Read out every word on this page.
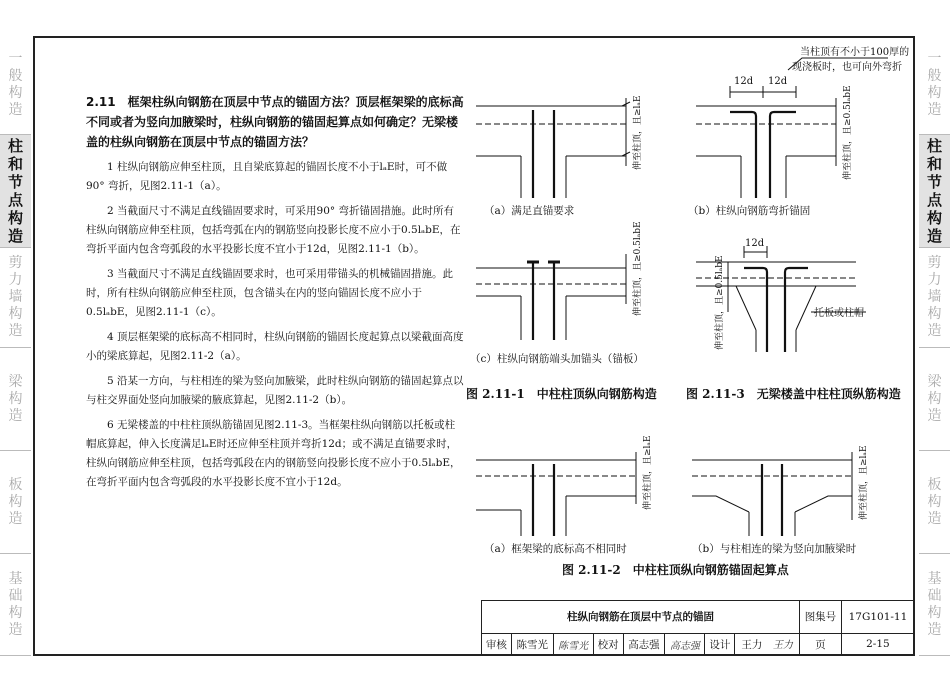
一
般
构
造
柱
和
节
点
构
造
剪
力
墙
构
造
梁
构
造
板
构
造
基
础
构
造
一
般
构
造
柱
和
节
点
构
造
剪
力
墙
构
造
梁
构
造
板
构
造
基
础
构
造

2.11　框架柱纵向钢筋在顶层中节点的锚固方法？顶层框架梁的底标高不同或者为竖向加腋梁时，柱纵向钢筋的锚固起算点如何确定？无梁楼盖的柱纵向钢筋在顶层中节点的锚固方法？

1 柱纵向钢筋应伸至柱顶，且自梁底算起的锚固长度不小于lₐE时，可不做90° 弯折，见图2.11-1（a）。

2 当截面尺寸不满足直线锚固要求时，可采用90° 弯折锚固措施。此时所有柱纵向钢筋应伸至柱顶，包括弯弧在内的钢筋竖向投影长度不应小于0.5lₐbE，在弯折平面内包含弯弧段的水平投影长度不宜小于12d，见图2.11-1（b）。

3 当截面尺寸不满足直线锚固要求时，也可采用带锚头的机械锚固措施。此时，所有柱纵向钢筋应伸至柱顶，包含锚头在内的竖向锚固长度不应小于0.5lₐbE，见图2.11-1（c）。

4 顶层框架梁的底标高不相同时，柱纵向钢筋的锚固长度起算点以梁截面高度小的梁底算起，见图2.11-2（a）。

5 沿某一方向，与柱相连的梁为竖向加腋梁，此时柱纵向钢筋的锚固起算点以与柱交界面处竖向加腋梁的腋底算起，见图2.11-2（b）。

6 无梁楼盖的中柱柱顶纵筋锚固见图2.11-3。当框架柱纵向钢筋以托板或柱帽底算起，伸入长度满足lₐE时还应伸至柱顶并弯折12d；或不满足直锚要求时，柱纵向钢筋应伸至柱顶，包括弯弧段在内的钢筋竖向投影长度不应小于0.5lₐbE，在弯折平面内包含弯弧段的水平投影长度不宜小于12d。

当柱顶有不小于100厚的
现浇板时，也可向外弯折
12d 12d
12d
托板或柱帽
伸至柱顶，且≥lₐE	伸至柱顶，且≥0.5lₐbE
伸至柱顶，且≥0.5lₐbE	伸至柱顶，且≥0.5lₐbE
伸至柱顶，且≥lₐE	伸至柱顶，且≥lₐE
（a）满足直锚要求	（b）柱纵向钢筋弯折锚固
（c）柱纵向钢筋端头加锚头（锚板）
图 2.11-1　中柱柱顶纵向钢筋构造 图 2.11-3　无梁楼盖中柱柱顶纵筋构造
（a）框架梁的底标高不相同时	（b）与柱相连的梁为竖向加腋梁时
图 2.11-2　中柱柱顶纵向钢筋锚固起算点
柱纵向钢筋在顶层中节点的锚固								图集号	17G101-11
审核	陈雪光	陈雪光	校对	高志强	高志强	设计	王力　 王力	页	2-15
